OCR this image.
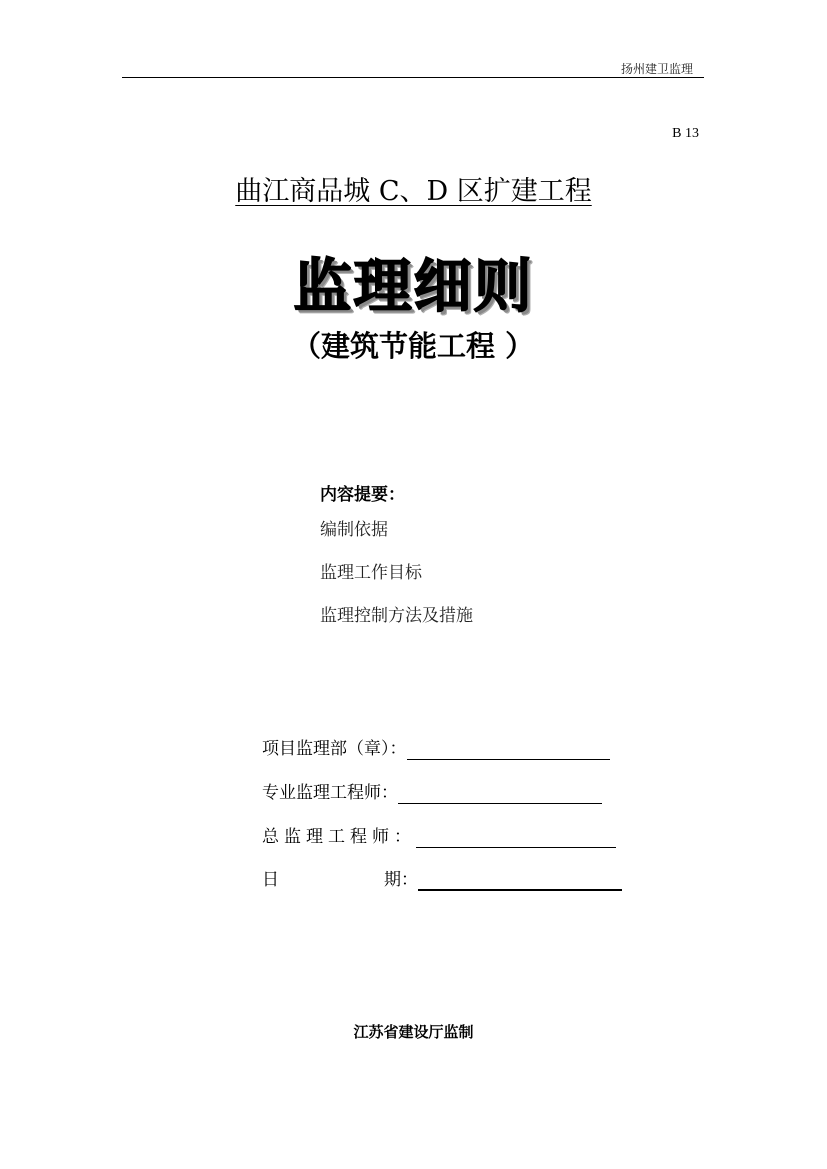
扬州建卫监理
B 13
曲江商品城 C、D 区扩建工程
监理细则
（建筑节能工程 ）
内容提要：
编制依据
监理工作目标
监理控制方法及措施
项目监理部（章）：
专业监理工程师：
总监理工程师：
日	期：
江苏省建设厅监制
